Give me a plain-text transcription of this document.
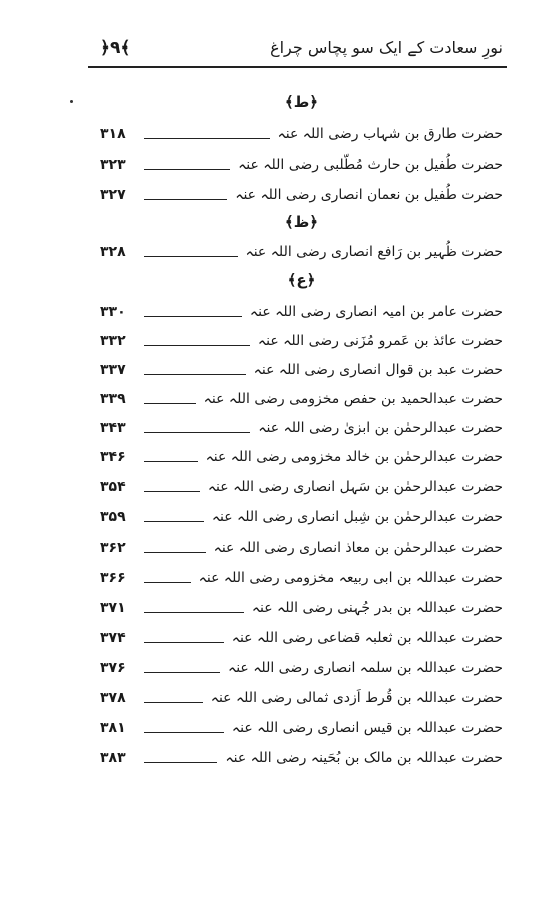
﴿۹﴾	نورِ سعادت کے ایک سو پچاس چراغ
﴿ط﴾
حضرت طارق بن شہاب رضی اللہ عنہ
۳۱۸
حضرت طُفیل بن حارث مُطّلبی رضی اللہ عنہ
۳۲۳
حضرت طُفیل بن نعمان انصاری رضی اللہ عنہ
۳۲۷
﴿ظ﴾
حضرت ظُہیر بن رَافع انصاری رضی اللہ عنہ
۳۲۸
﴿ع﴾
حضرت عامر بن امیہ انصاری رضی اللہ عنہ
۳۳۰
حضرت عائذ بن عَمرو مُزَنی رضی اللہ عنہ
۳۳۲
حضرت عبد بن قوال انصاری رضی اللہ عنہ
۳۳۷
حضرت عبدالحمید بن حفص مخزومی رضی اللہ عنہ
۳۳۹
حضرت عبدالرحمٰن بن ابزیٰ رضی اللہ عنہ
۳۴۳
حضرت عبدالرحمٰن بن خالد مخزومی رضی اللہ عنہ
۳۴۶
حضرت عبدالرحمٰن بن سَہل انصاری رضی اللہ عنہ
۳۵۴
حضرت عبدالرحمٰن بن شِبل انصاری رضی اللہ عنہ
۳۵۹
حضرت عبدالرحمٰن بن معاذ انصاری رضی اللہ عنہ
۳۶۲
حضرت عبداللہ بن ابی ربیعہ مخزومی رضی اللہ عنہ
۳۶۶
حضرت عبداللہ بن بدر جُہنی رضی اللہ عنہ
۳۷۱
حضرت عبداللہ بن ثعلبہ قضاعی رضی اللہ عنہ
۳۷۴
حضرت عبداللہ بن سلمہ انصاری رضی اللہ عنہ
۳۷۶
حضرت عبداللہ بن قُرط اَزدی ثمالی رضی اللہ عنہ
۳۷۸
حضرت عبداللہ بن قیس انصاری رضی اللہ عنہ
۳۸۱
حضرت عبداللہ بن مالک بن بُحَینہ رضی اللہ عنہ
۳۸۳
